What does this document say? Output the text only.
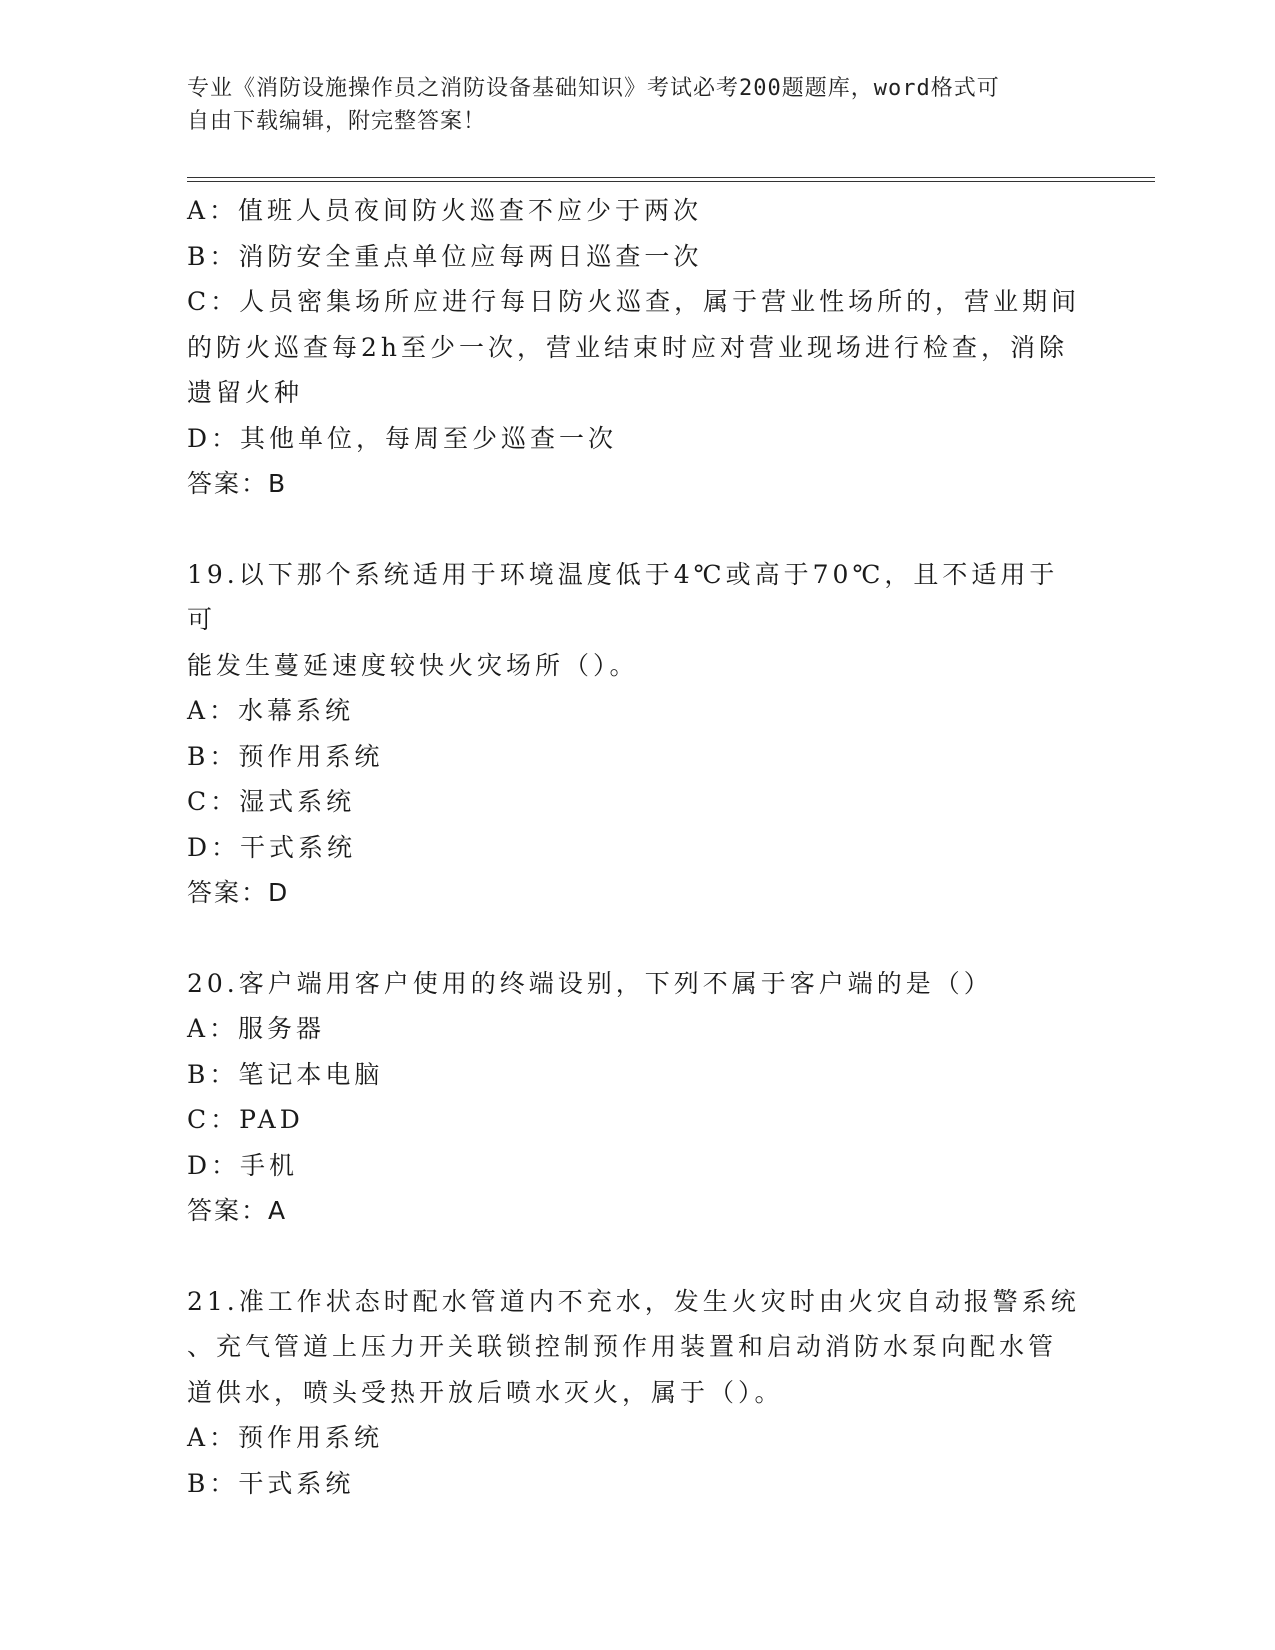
专业《消防设施操作员之消防设备基础知识》考试必考200题题库，word格式可
自由下载编辑，附完整答案！

A：值班人员夜间防火巡查不应少于两次

B：消防安全重点单位应每两日巡查一次

C：人员密集场所应进行每日防火巡查，属于营业性场所的，营业期间

的防火巡查每2h至少一次，营业结束时应对营业现场进行检查，消除

遗留火种

D：其他单位，每周至少巡查一次

答案：B

19.以下那个系统适用于环境温度低于4℃或高于70℃，且不适用于可

能发生蔓延速度较快火灾场所（）。

A：水幕系统

B：预作用系统

C：湿式系统

D：干式系统

答案：D

20.客户端用客户使用的终端设别，下列不属于客户端的是（）

A：服务器

B：笔记本电脑

C：PAD

D：手机

答案：A

21.准工作状态时配水管道内不充水，发生火灾时由火灾自动报警系统

、充气管道上压力开关联锁控制预作用装置和启动消防水泵向配水管

道供水，喷头受热开放后喷水灭火，属于（）。

A：预作用系统

B：干式系统
